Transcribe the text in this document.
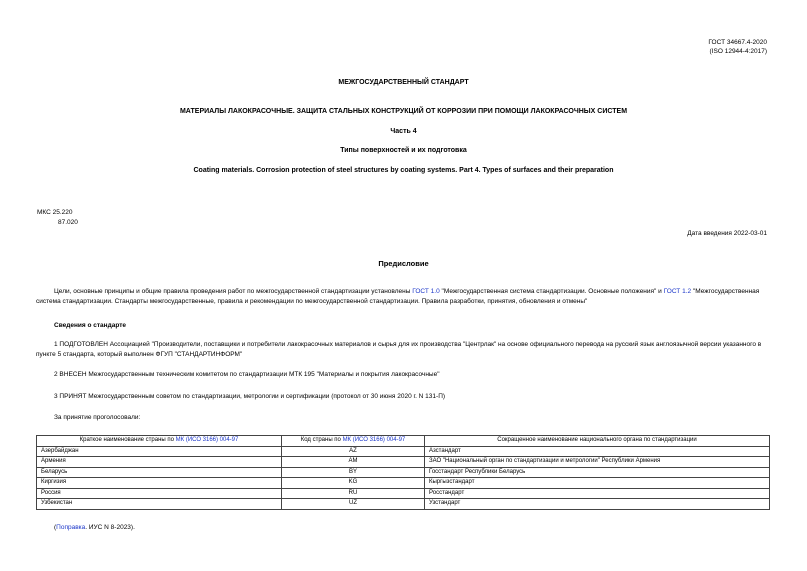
ГОСТ 34667.4-2020
(ISO 12944-4:2017)
МЕЖГОСУДАРСТВЕННЫЙ СТАНДАРТ
МАТЕРИАЛЫ ЛАКОКРАСОЧНЫЕ. ЗАЩИТА СТАЛЬНЫХ КОНСТРУКЦИЙ ОТ КОРРОЗИИ ПРИ ПОМОЩИ ЛАКОКРАСОЧНЫХ СИСТЕМ
Часть 4
Типы поверхностей и их подготовка
Coating materials. Corrosion protection of steel structures by coating systems. Part 4. Types of surfaces and their preparation
МКС 25.220
87.020
Дата введения 2022-03-01
Предисловие
Цели, основные принципы и общие правила проведения работ по межгосударственной стандартизации установлены ГОСТ 1.0 "Межгосударственная система стандартизации. Основные положения" и ГОСТ 1.2 "Межгосударственная система стандартизации. Стандарты межгосударственные, правила и рекомендации по межгосударственной стандартизации. Правила разработки, принятия, обновления и отмены"
Сведения о стандарте
1 ПОДГОТОВЛЕН Ассоциацией "Производители, поставщики и потребители лакокрасочных материалов и сырья для их производства "Центрлак" на основе официального перевода на русский язык англоязычной версии указанного в пункте 5 стандарта, который выполнен ФГУП "СТАНДАРТИНФОРМ"
2 ВНЕСЕН Межгосударственным техническим комитетом по стандартизации МТК 195 "Материалы и покрытия лакокрасочные"
3 ПРИНЯТ Межгосударственным советом по стандартизации, метрологии и сертификации (протокол от 30 июня 2020 г. N 131-П)
За принятие проголосовали:
Краткое наименование страны по МК (ИСО 3166) 004-97	Код страны по МК (ИСО 3166) 004-97	Сокращенное наименование национального органа по стандартизации
Азербайджан	AZ	Азстандарт
Армения	AM	ЗАО "Национальный орган по стандартизации и метрологии" Республики Армения
Беларусь	BY	Госстандарт Республики Беларусь
Киргизия	KG	Кыргызстандарт
Россия	RU	Росстандарт
Узбекистан	UZ	Узстандарт
(Поправка. ИУС N 8-2023).
